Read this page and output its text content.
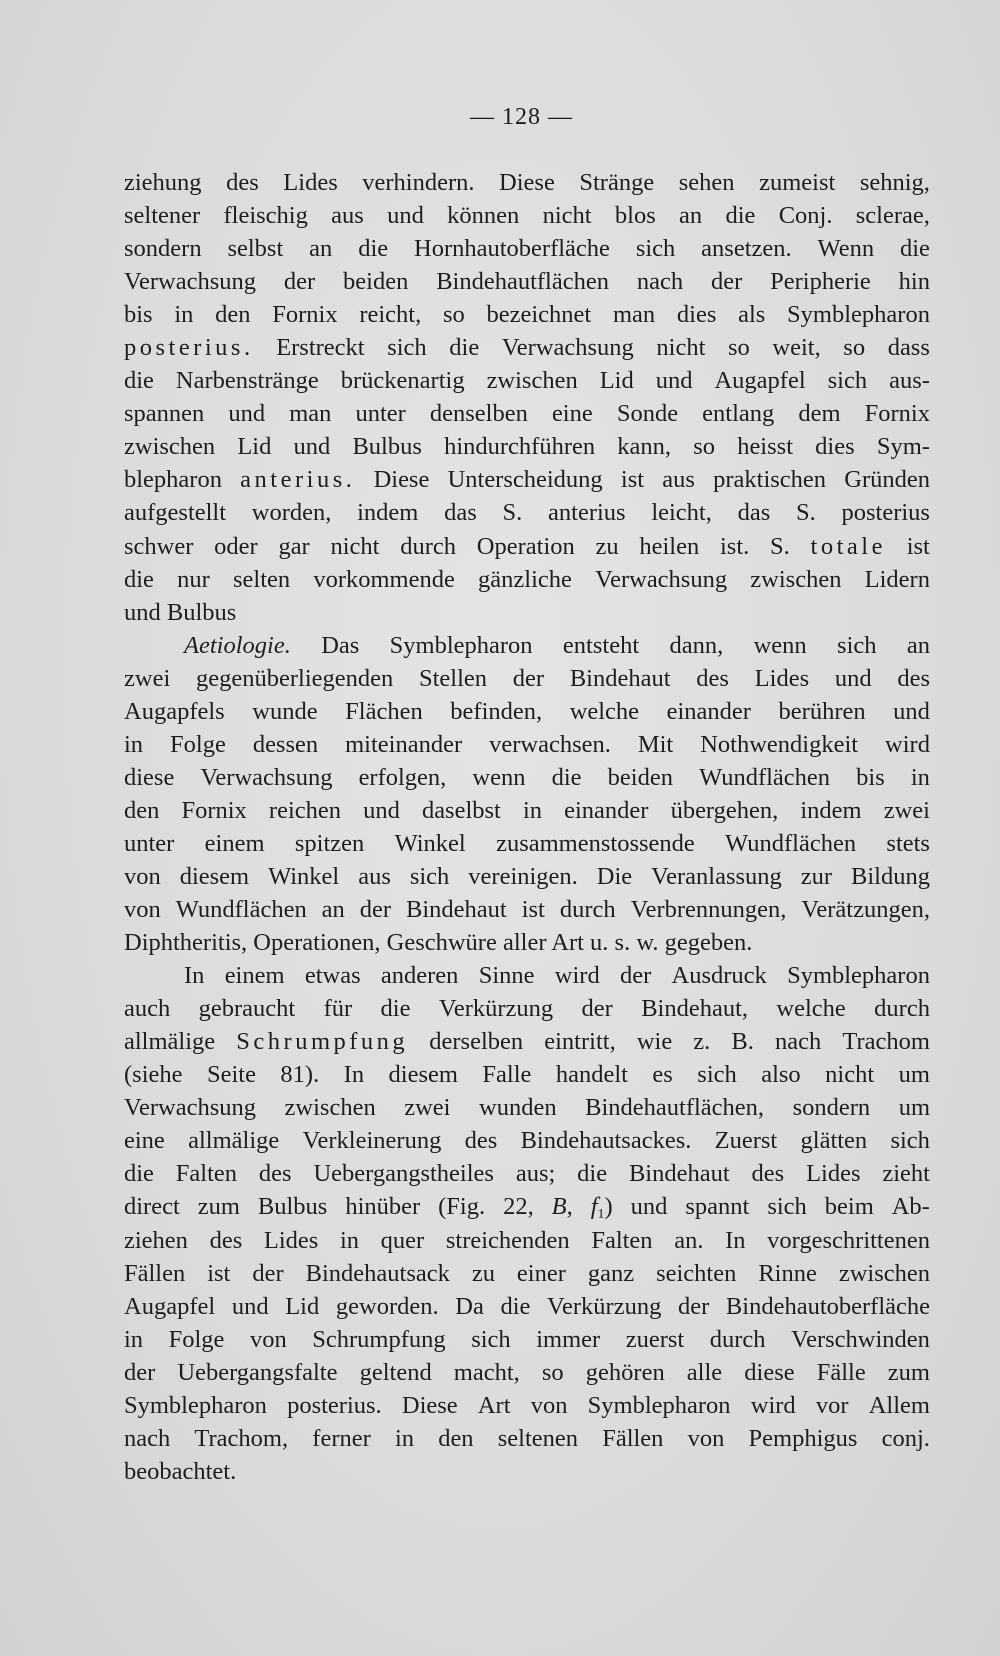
— 128 —
ziehung des Lides verhindern. Diese Stränge sehen zumeist sehnig,
seltener fleischig aus und können nicht blos an die Conj. sclerae,
sondern selbst an die Hornhautoberfläche sich ansetzen. Wenn die
Verwachsung der beiden Bindehautflächen nach der Peripherie hin
bis in den Fornix reicht, so bezeichnet man dies als Symblepharon
posterius. Erstreckt sich die Verwachsung nicht so weit, so dass
die Narbenstränge brückenartig zwischen Lid und Augapfel sich aus-
spannen und man unter denselben eine Sonde entlang dem Fornix
zwischen Lid und Bulbus hindurchführen kann, so heisst dies Sym-
blepharon anterius. Diese Unterscheidung ist aus praktischen Gründen
aufgestellt worden, indem das S. anterius leicht, das S. posterius
schwer oder gar nicht durch Operation zu heilen ist. S. totale ist
die nur selten vorkommende gänzliche Verwachsung zwischen Lidern
und Bulbus
Aetiologie. Das Symblepharon entsteht dann, wenn sich an
zwei gegenüberliegenden Stellen der Bindehaut des Lides und des
Augapfels wunde Flächen befinden, welche einander berühren und
in Folge dessen miteinander verwachsen. Mit Nothwendigkeit wird
diese Verwachsung erfolgen, wenn die beiden Wundflächen bis in
den Fornix reichen und daselbst in einander übergehen, indem zwei
unter einem spitzen Winkel zusammenstossende Wundflächen stets
von diesem Winkel aus sich vereinigen. Die Veranlassung zur Bildung
von Wundflächen an der Bindehaut ist durch Verbrennungen, Verätzungen,
Diphtheritis, Operationen, Geschwüre aller Art u. s. w. gegeben.
In einem etwas anderen Sinne wird der Ausdruck Symblepharon
auch gebraucht für die Verkürzung der Bindehaut, welche durch
allmälige Schrumpfung derselben eintritt, wie z. B. nach Trachom
(siehe Seite 81). In diesem Falle handelt es sich also nicht um
Verwachsung zwischen zwei wunden Bindehautflächen, sondern um
eine allmälige Verkleinerung des Bindehautsackes. Zuerst glätten sich
die Falten des Uebergangstheiles aus; die Bindehaut des Lides zieht
direct zum Bulbus hinüber (Fig. 22, B, $f_1$) und spannt sich beim Ab-
ziehen des Lides in quer streichenden Falten an. In vorgeschrittenen
Fällen ist der Bindehautsack zu einer ganz seichten Rinne zwischen
Augapfel und Lid geworden. Da die Verkürzung der Bindehautoberfläche
in Folge von Schrumpfung sich immer zuerst durch Verschwinden
der Uebergangsfalte geltend macht, so gehören alle diese Fälle zum
Symblepharon posterius. Diese Art von Symblepharon wird vor Allem
nach Trachom, ferner in den seltenen Fällen von Pemphigus conj.
beobachtet.
